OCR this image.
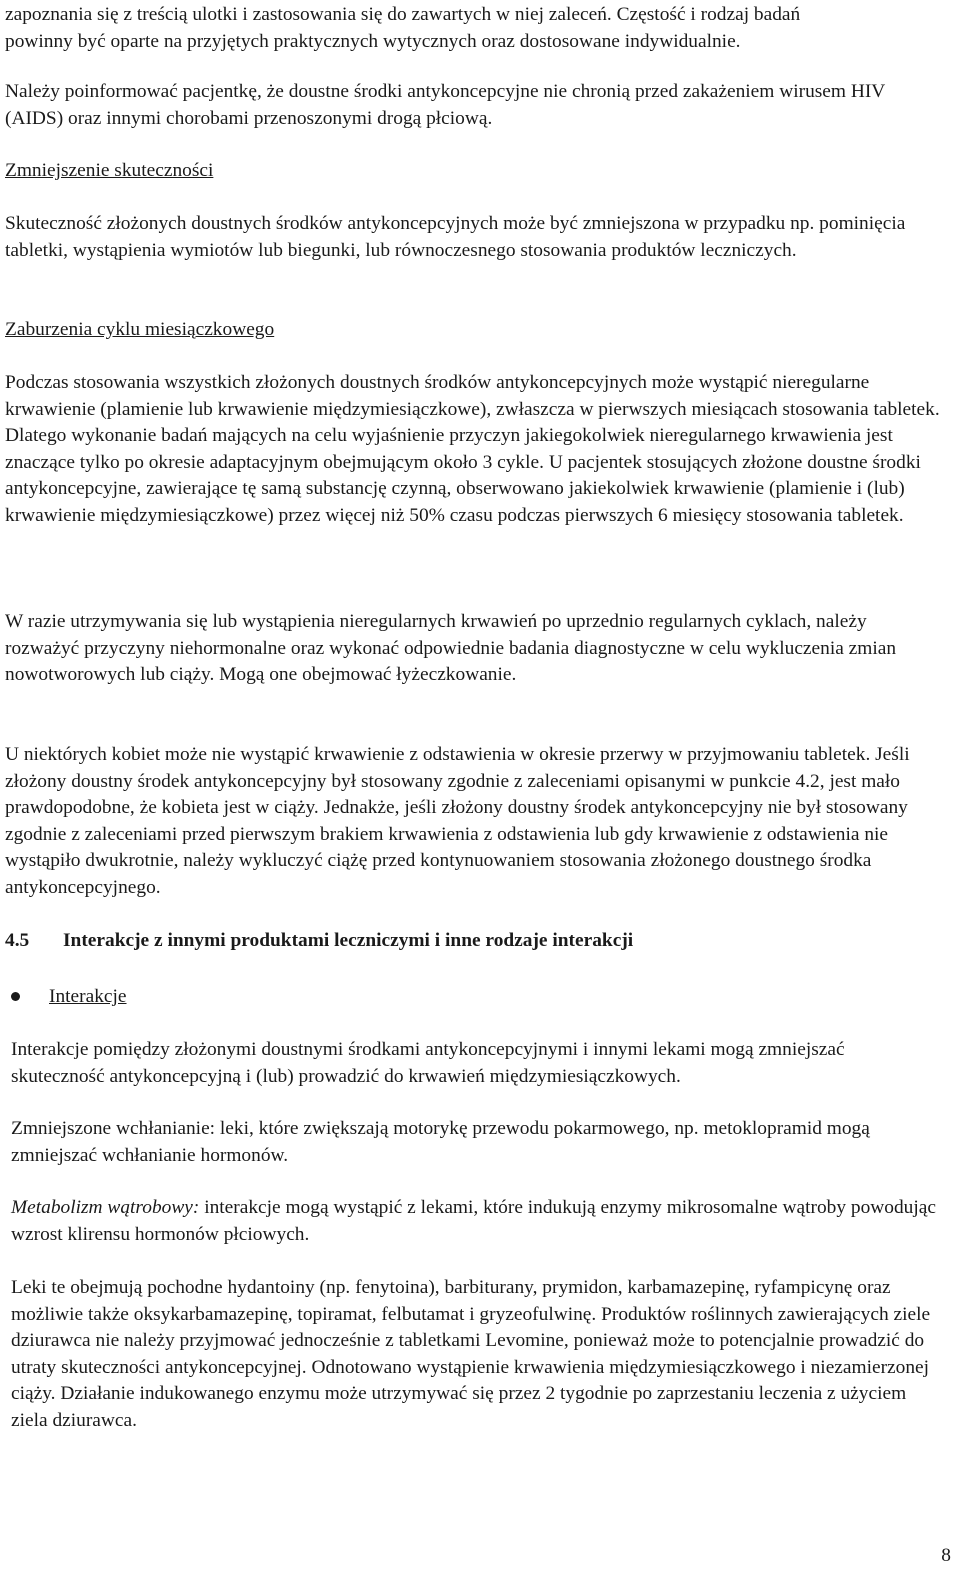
zapoznania się z treścią ulotki i zastosowania się do zawartych w niej zaleceń. Częstość i rodzaj badań
powinny być oparte na przyjętych praktycznych wytycznych oraz dostosowane indywidualnie.

Należy poinformować pacjentkę, że doustne środki antykoncepcyjne nie chronią przed zakażeniem wirusem HIV (AIDS) oraz innymi chorobami przenoszonymi drogą płciową.

Zmniejszenie skuteczności

Skuteczność złożonych doustnych środków antykoncepcyjnych może być zmniejszona w przypadku np. pominięcia tabletki, wystąpienia wymiotów lub biegunki, lub równoczesnego stosowania produktów leczniczych.

Zaburzenia cyklu miesiączkowego

Podczas stosowania wszystkich złożonych doustnych środków antykoncepcyjnych może wystąpić nieregularne krwawienie (plamienie lub krwawienie międzymiesiączkowe), zwłaszcza w pierwszych miesiącach stosowania tabletek. Dlatego wykonanie badań mających na celu wyjaśnienie przyczyn jakiegokolwiek nieregularnego krwawienia jest znaczące tylko po okresie adaptacyjnym obejmującym około 3 cykle. U pacjentek stosujących złożone doustne środki antykoncepcyjne, zawierające tę samą substancję czynną, obserwowano jakiekolwiek krwawienie (plamienie i (lub) krwawienie międzymiesiączkowe) przez więcej niż 50% czasu podczas pierwszych 6 miesięcy stosowania tabletek.

W razie utrzymywania się lub wystąpienia nieregularnych krwawień po uprzednio regularnych cyklach, należy rozważyć przyczyny niehormonalne oraz wykonać odpowiednie badania diagnostyczne w celu wykluczenia zmian nowotworowych lub ciąży. Mogą one obejmować łyżeczkowanie.

U niektórych kobiet może nie wystąpić krwawienie z odstawienia w okresie przerwy w przyjmowaniu tabletek. Jeśli złożony doustny środek antykoncepcyjny był stosowany zgodnie z zaleceniami opisanymi w punkcie 4.2, jest mało prawdopodobne, że kobieta jest w ciąży. Jednakże, jeśli złożony doustny środek antykoncepcyjny nie był stosowany zgodnie z zaleceniami przed pierwszym brakiem krwawienia z odstawienia lub gdy krwawienie z odstawienia nie wystąpiło dwukrotnie, należy wykluczyć ciążę przed kontynuowaniem stosowania złożonego doustnego środka antykoncepcyjnego.

4.5 Interakcje z innymi produktami leczniczymi i inne rodzaje interakcji

Interakcje

Interakcje pomiędzy złożonymi doustnymi środkami antykoncepcyjnymi i innymi lekami mogą zmniejszać skuteczność antykoncepcyjną i (lub) prowadzić do krwawień międzymiesiączkowych.

Zmniejszone wchłanianie: leki, które zwiększają motorykę przewodu pokarmowego, np. metoklopramid mogą zmniejszać wchłanianie hormonów.

Metabolizm wątrobowy: interakcje mogą wystąpić z lekami, które indukują enzymy mikrosomalne wątroby powodując wzrost klirensu hormonów płciowych.

Leki te obejmują pochodne hydantoiny (np. fenytoina), barbiturany, prymidon, karbamazepinę, ryfampicynę oraz możliwie także oksykarbamazepinę, topiramat, felbutamat i gryzeofulwinę. Produktów roślinnych zawierających ziele dziurawca nie należy przyjmować jednocześnie z tabletkami Levomine, ponieważ może to potencjalnie prowadzić do utraty skuteczności antykoncepcyjnej. Odnotowano wystąpienie krwawienia międzymiesiączkowego i niezamierzonej ciąży. Działanie indukowanego enzymu może utrzymywać się przez 2 tygodnie po zaprzestaniu leczenia z użyciem ziela dziurawca.

8
